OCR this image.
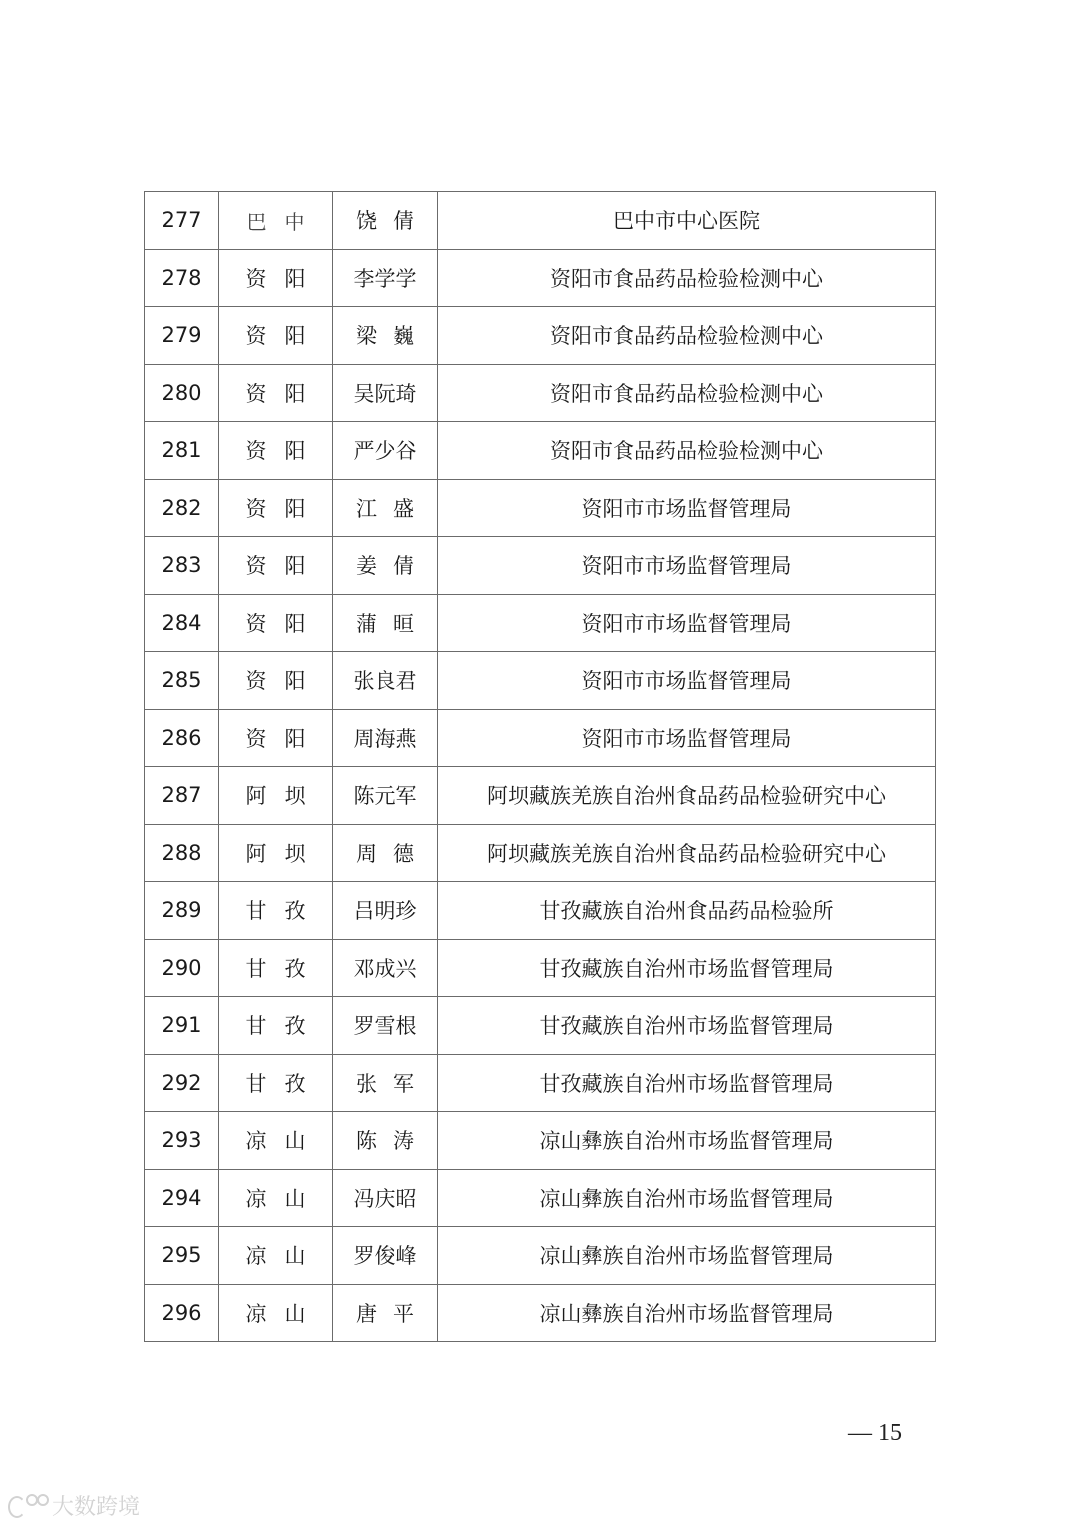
277	巴中	饶倩	巴中市中心医院
278	资阳	李学学	资阳市食品药品检验检测中心
279	资阳	梁巍	资阳市食品药品检验检测中心
280	资阳	吴阮琦	资阳市食品药品检验检测中心
281	资阳	严少谷	资阳市食品药品检验检测中心
282	资阳	江盛	资阳市市场监督管理局
283	资阳	姜倩	资阳市市场监督管理局
284	资阳	蒲晅	资阳市市场监督管理局
285	资阳	张良君	资阳市市场监督管理局
286	资阳	周海燕	资阳市市场监督管理局
287	阿坝	陈元军	阿坝藏族羌族自治州食品药品检验研究中心
288	阿坝	周德	阿坝藏族羌族自治州食品药品检验研究中心
289	甘孜	吕明珍	甘孜藏族自治州食品药品检验所
290	甘孜	邓成兴	甘孜藏族自治州市场监督管理局
291	甘孜	罗雪根	甘孜藏族自治州市场监督管理局
292	甘孜	张军	甘孜藏族自治州市场监督管理局
293	凉山	陈涛	凉山彝族自治州市场监督管理局
294	凉山	冯庆昭	凉山彝族自治州市场监督管理局
295	凉山	罗俊峰	凉山彝族自治州市场监督管理局
296	凉山	唐平	凉山彝族自治州市场监督管理局
— 15
大数跨境
